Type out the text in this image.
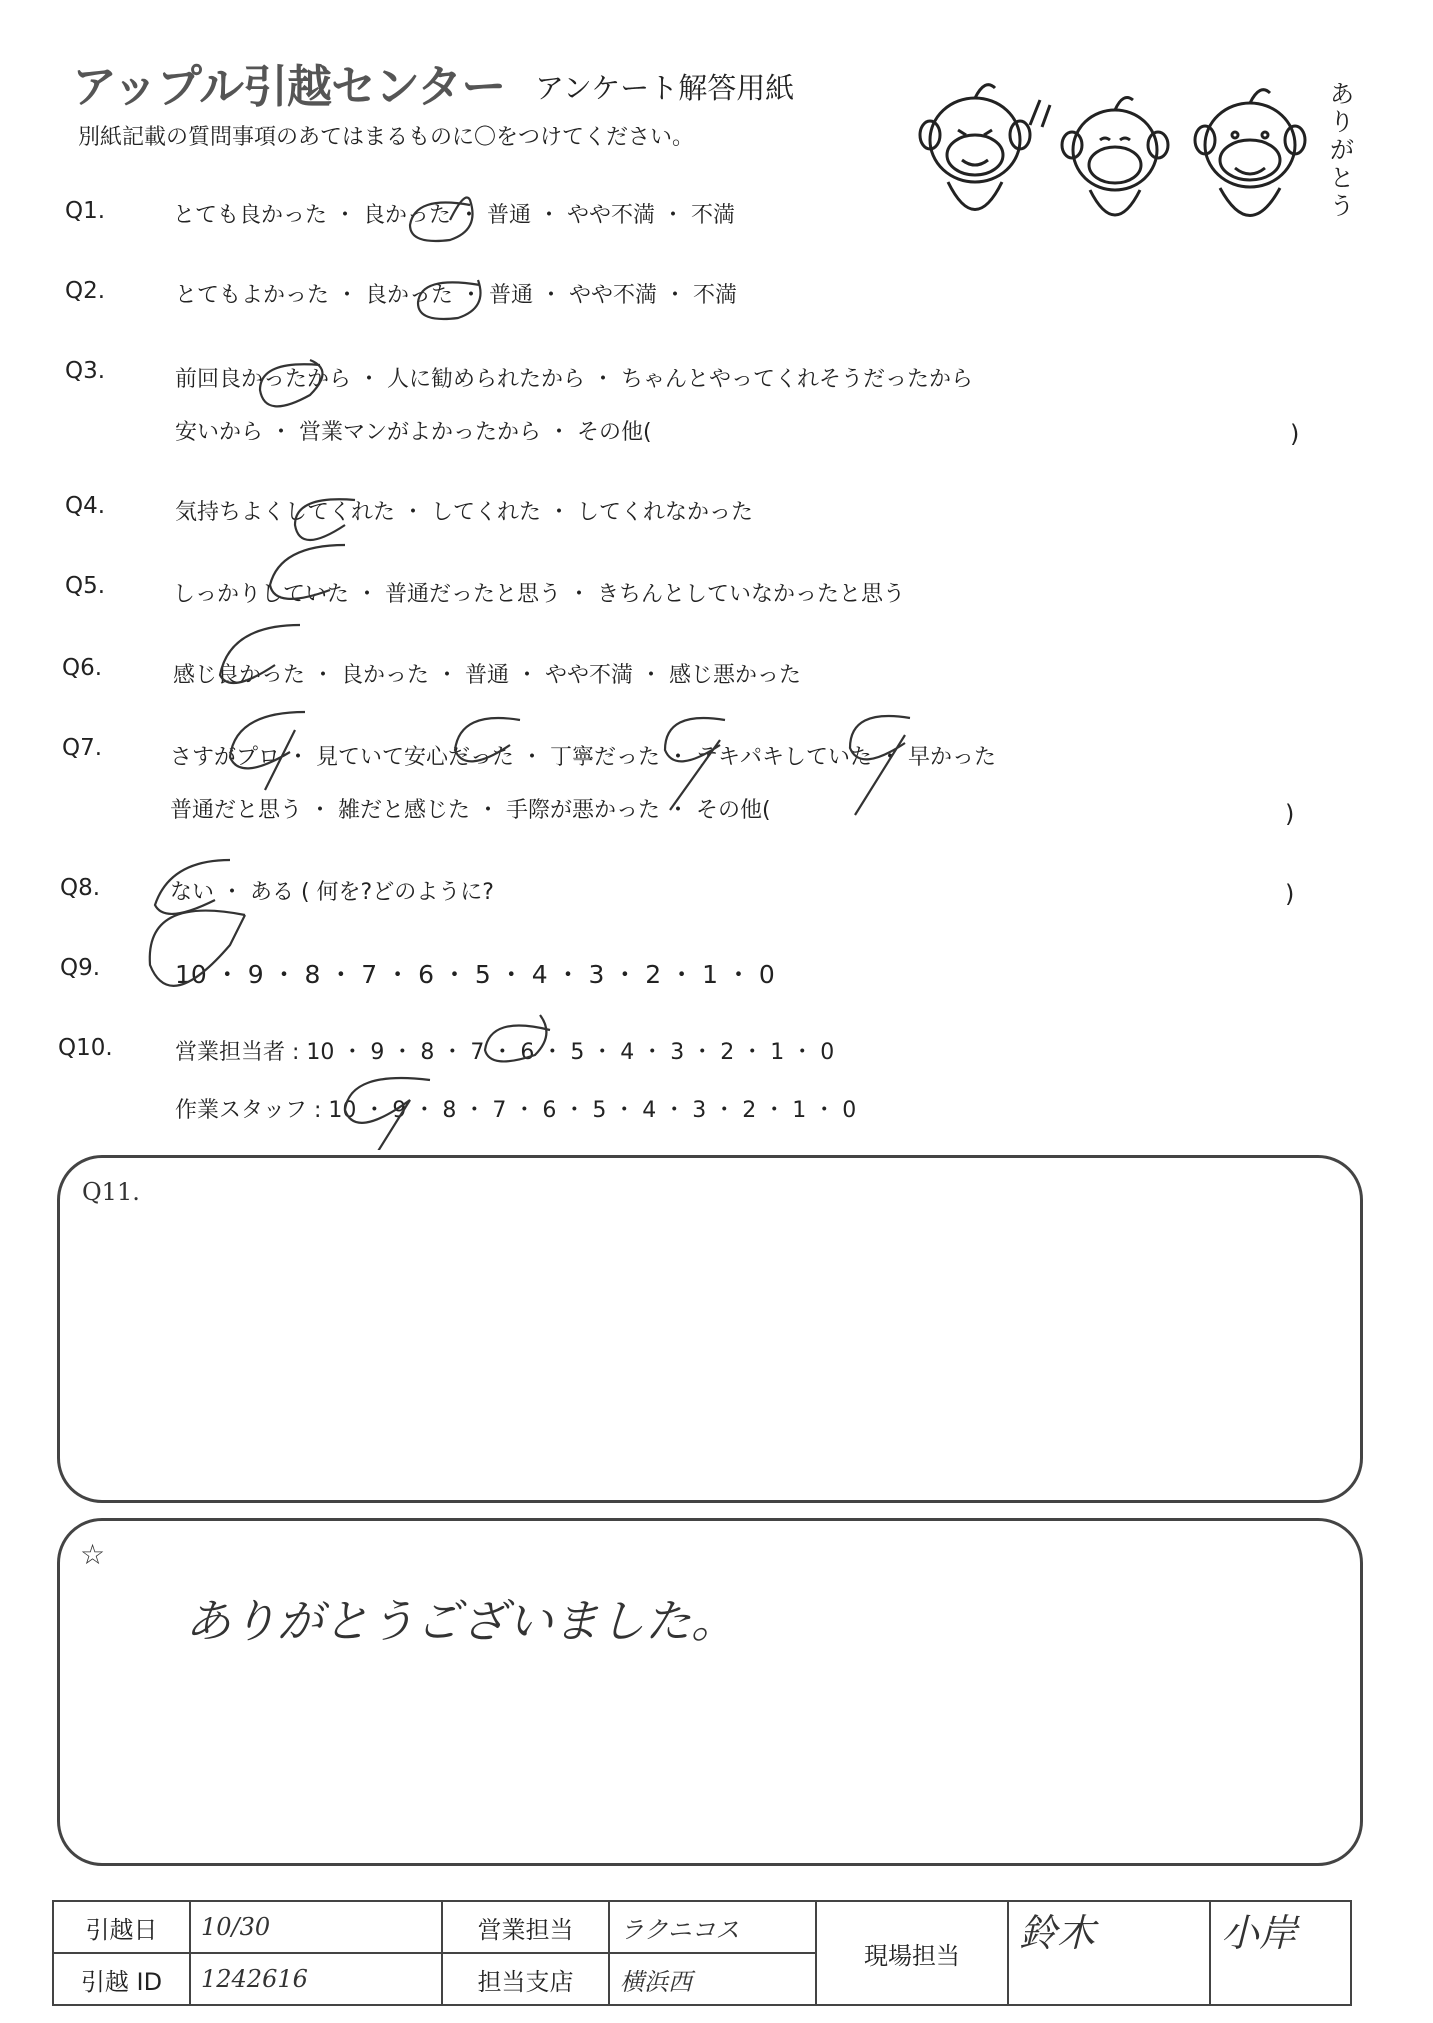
アップル引越センター アンケート解答用紙
別紙記載の質問事項のあてはまるものに〇をつけてください。
ありがとう
Q1.	とても良かった ・ 良かった ・ 普通 ・ やや不満 ・ 不満
Q2.	とてもよかった ・ 良かった ・ 普通 ・ やや不満 ・ 不満
Q3.	前回良かったから ・ 人に勧められたから ・ ちゃんとやってくれそうだったから
安いから ・ 営業マンがよかったから ・ その他(	)
Q4.	気持ちよくしてくれた ・ してくれた ・ してくれなかった
Q5.	しっかりしていた ・ 普通だったと思う ・ きちんとしていなかったと思う
Q6.	感じ良かった ・ 良かった ・ 普通 ・ やや不満 ・ 感じ悪かった
Q7.	さすがプロ ・ 見ていて安心だった ・ 丁寧だった ・ テキパキしていた ・ 早かった
普通だと思う ・ 雑だと感じた ・ 手際が悪かった ・ その他(	)
Q8.	ない ・ ある ( 何を?どのように?	)
Q9.	10 ・ 9 ・ 8 ・ 7 ・ 6 ・ 5 ・ 4 ・ 3 ・ 2 ・ 1 ・ 0
Q10.	営業担当者 : 10 ・ 9 ・ 8 ・ 7 ・ 6 ・ 5 ・ 4 ・ 3 ・ 2 ・ 1 ・ 0
作業スタッフ : 10 ・ 9 ・ 8 ・ 7 ・ 6 ・ 5 ・ 4 ・ 3 ・ 2 ・ 1 ・ 0
Q11.
☆
ありがとうございました。
引越日	10/30	営業担当	ラクニコス	現場担当	鈴木	小岸
引越 ID	1242616	担当支店	横浜西			
